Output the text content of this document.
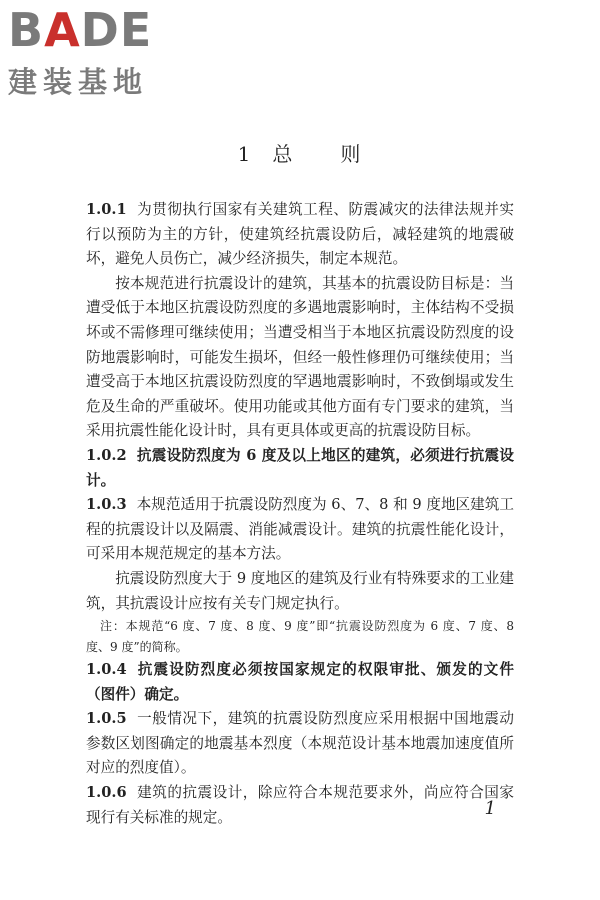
BADE
建装基地
1 总 则

1.0.1 为贯彻执行国家有关建筑工程、防震减灾的法律法规并实行以预防为主的方针，使建筑经抗震设防后，减轻建筑的地震破坏，避免人员伤亡，减少经济损失，制定本规范。

按本规范进行抗震设计的建筑，其基本的抗震设防目标是：当遭受低于本地区抗震设防烈度的多遇地震影响时，主体结构不受损坏或不需修理可继续使用；当遭受相当于本地区抗震设防烈度的设防地震影响时，可能发生损坏，但经一般性修理仍可继续使用；当遭受高于本地区抗震设防烈度的罕遇地震影响时，不致倒塌或发生危及生命的严重破坏。使用功能或其他方面有专门要求的建筑，当采用抗震性能化设计时，具有更具体或更高的抗震设防目标。

1.0.2 抗震设防烈度为 6 度及以上地区的建筑，必须进行抗震设计。

1.0.3 本规范适用于抗震设防烈度为 6、7、8 和 9 度地区建筑工程的抗震设计以及隔震、消能减震设计。建筑的抗震性能化设计，可采用本规范规定的基本方法。

抗震设防烈度大于 9 度地区的建筑及行业有特殊要求的工业建筑，其抗震设计应按有关专门规定执行。

注：本规范“6 度、7 度、8 度、9 度”即“抗震设防烈度为 6 度、7 度、8 度、9 度”的简称。

1.0.4 抗震设防烈度必须按国家规定的权限审批、颁发的文件（图件）确定。

1.0.5 一般情况下，建筑的抗震设防烈度应采用根据中国地震动参数区划图确定的地震基本烈度（本规范设计基本地震加速度值所对应的烈度值）。

1.0.6 建筑的抗震设计，除应符合本规范要求外，尚应符合国家现行有关标准的规定。	1
